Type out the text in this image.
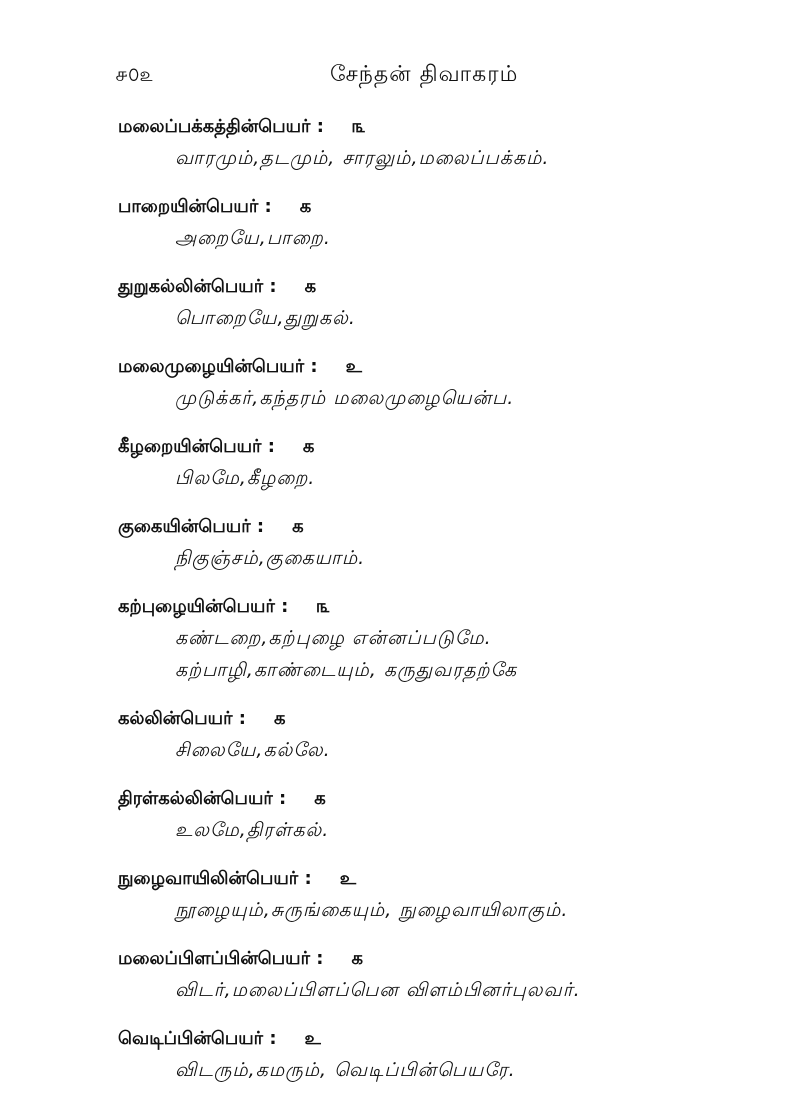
௪௦௨	சேந்தன் திவாகரம்
மலைப்பக்கத்தின்பெயர் : ௩
வாரமும்,தடமும், சாரலும்,மலைப்பக்கம்.
பாறையின்பெயர் : க
அறையே,பாறை.
துறுகல்லின்பெயர் : க
பொறையே,துறுகல்.
மலைமுழையின்பெயர் : உ
முடுக்கர்,கந்தரம் மலைமுழையென்ப.
கீழறையின்பெயர் : க
பிலமே,கீழறை.
குகையின்பெயர் : க
நிகுஞ்சம்,குகையாம்.
கற்புழையின்பெயர் : ௩
கண்டறை,கற்புழை என்னப்படுமே.
கற்பாழி,காண்டையும், கருதுவரதற்கே
கல்லின்பெயர் : க
சிலையே,கல்லே.
திரள்கல்லின்பெயர் : க
உலமே,திரள்கல்.
நுழைவாயிலின்பெயர் : உ
நூழையும்,சுருங்கையும், நுழைவாயிலாகும்.
மலைப்பிளப்பின்பெயர் : க
விடர்,மலைப்பிளப்பென விளம்பினர்புலவர்.
வெடிப்பின்பெயர் : உ
விடரும்,கமரும், வெடிப்பின்பெயரே.
